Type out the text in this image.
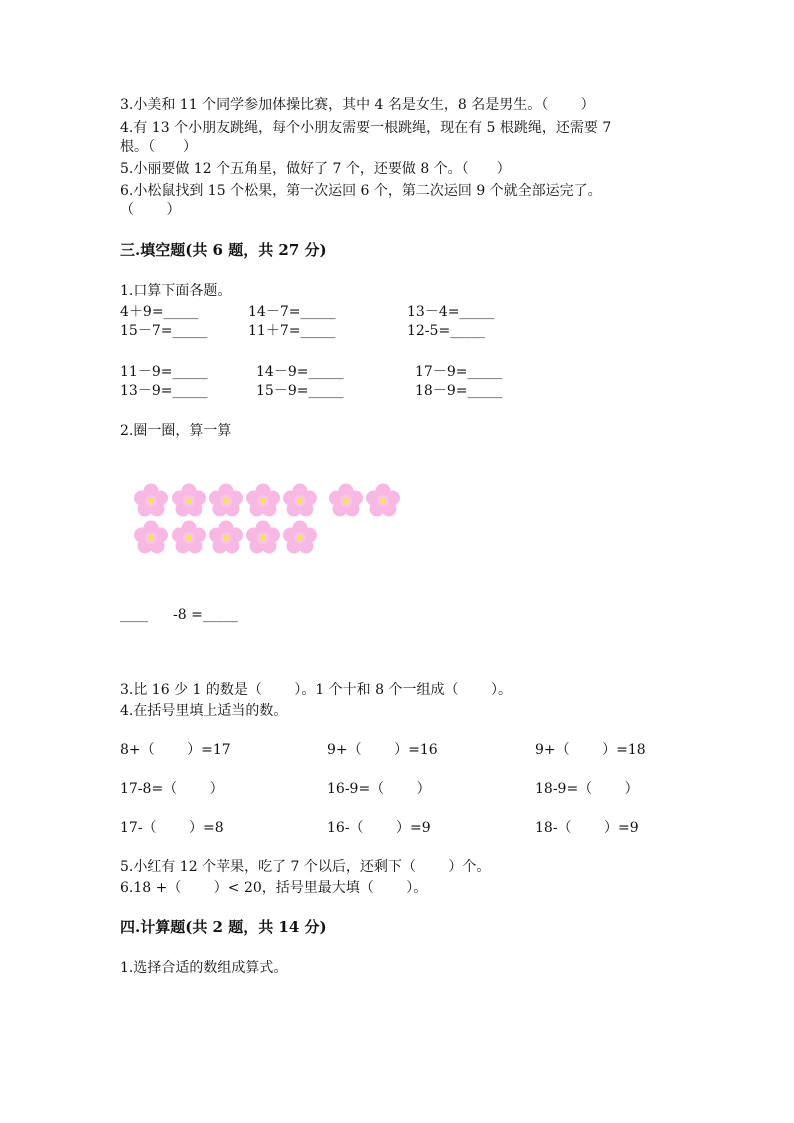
3.小美和 11 个同学参加体操比赛，其中 4 名是女生，8 名是男生。（　　 ）
4.有 13 个小朋友跳绳，每个小朋友需要一根跳绳，现在有 5 根跳绳，还需要 7
根。（　　）
5.小丽要做 12 个五角星，做好了 7 个，还要做 8 个。（　　）
6.小松鼠找到 15 个松果，第一次运回 6 个，第二次运回 9 个就全部运完了。
（　　 ）
三.填空题(共 6 题，共 27 分)
1.口算下面各题。
4＋9=_____	14－7=_____	13－4=_____
15－7=_____	11＋7=_____	12-5=_____
11－9=_____	14－9=_____	17－9=_____
13－9=_____	15－9=_____	18－9=_____
2.圈一圈，算一算
____ -8 =_____
3.比 16 少 1 的数是（　　 ）。1 个十和 8 个一组成（　　 ）。
4.在括号里填上适当的数。
8+（　　 ）=17	9+（　　 ）=16	9+（　　 ）=18
17-8=（　　 ）	16-9=（　　 ）	18-9=（　　 ）
17-（　　 ）=8	16-（　　 ）=9	18-（　　 ）=9
5.小红有 12 个苹果，吃了 7 个以后，还剩下（　　 ）个。
6.18 +（　　 ）< 20，括号里最大填（　　 ）。
四.计算题(共 2 题，共 14 分)
1.选择合适的数组成算式。
